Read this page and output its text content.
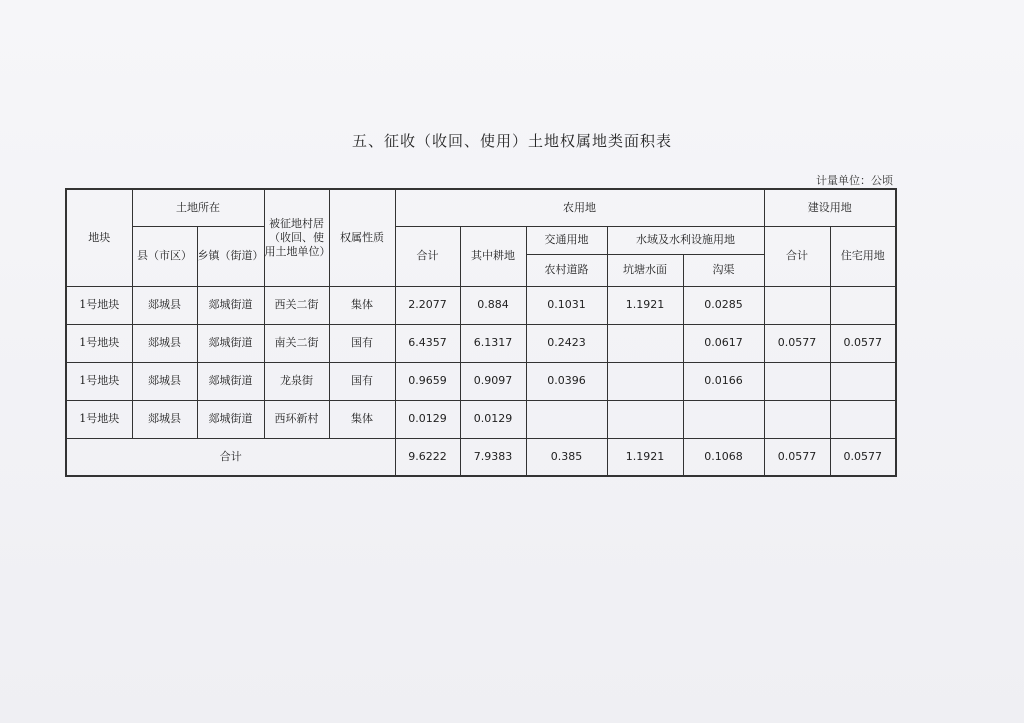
五、征收（收回、使用）土地权属地类面积表
计量单位：公顷
地块	土地所在		被征地村居（收回、使用土地单位）	权属性质	农用地					建设用地	
	县（市区）	乡镇（街道）			合计	其中耕地	交通用地	水域及水利设施用地		合计	住宅用地
							农村道路	坑塘水面	沟渠		
1号地块	郯城县	郯城街道	西关二街	集体	2.2077	0.884	0.1031	1.1921	0.0285		
1号地块	郯城县	郯城街道	南关二街	国有	6.4357	6.1317	0.2423		0.0617	0.0577	0.0577
1号地块	郯城县	郯城街道	龙泉街	国有	0.9659	0.9097	0.0396		0.0166		
1号地块	郯城县	郯城街道	西环新村	集体	0.0129	0.0129					
合计					9.6222	7.9383	0.385	1.1921	0.1068	0.0577	0.0577
